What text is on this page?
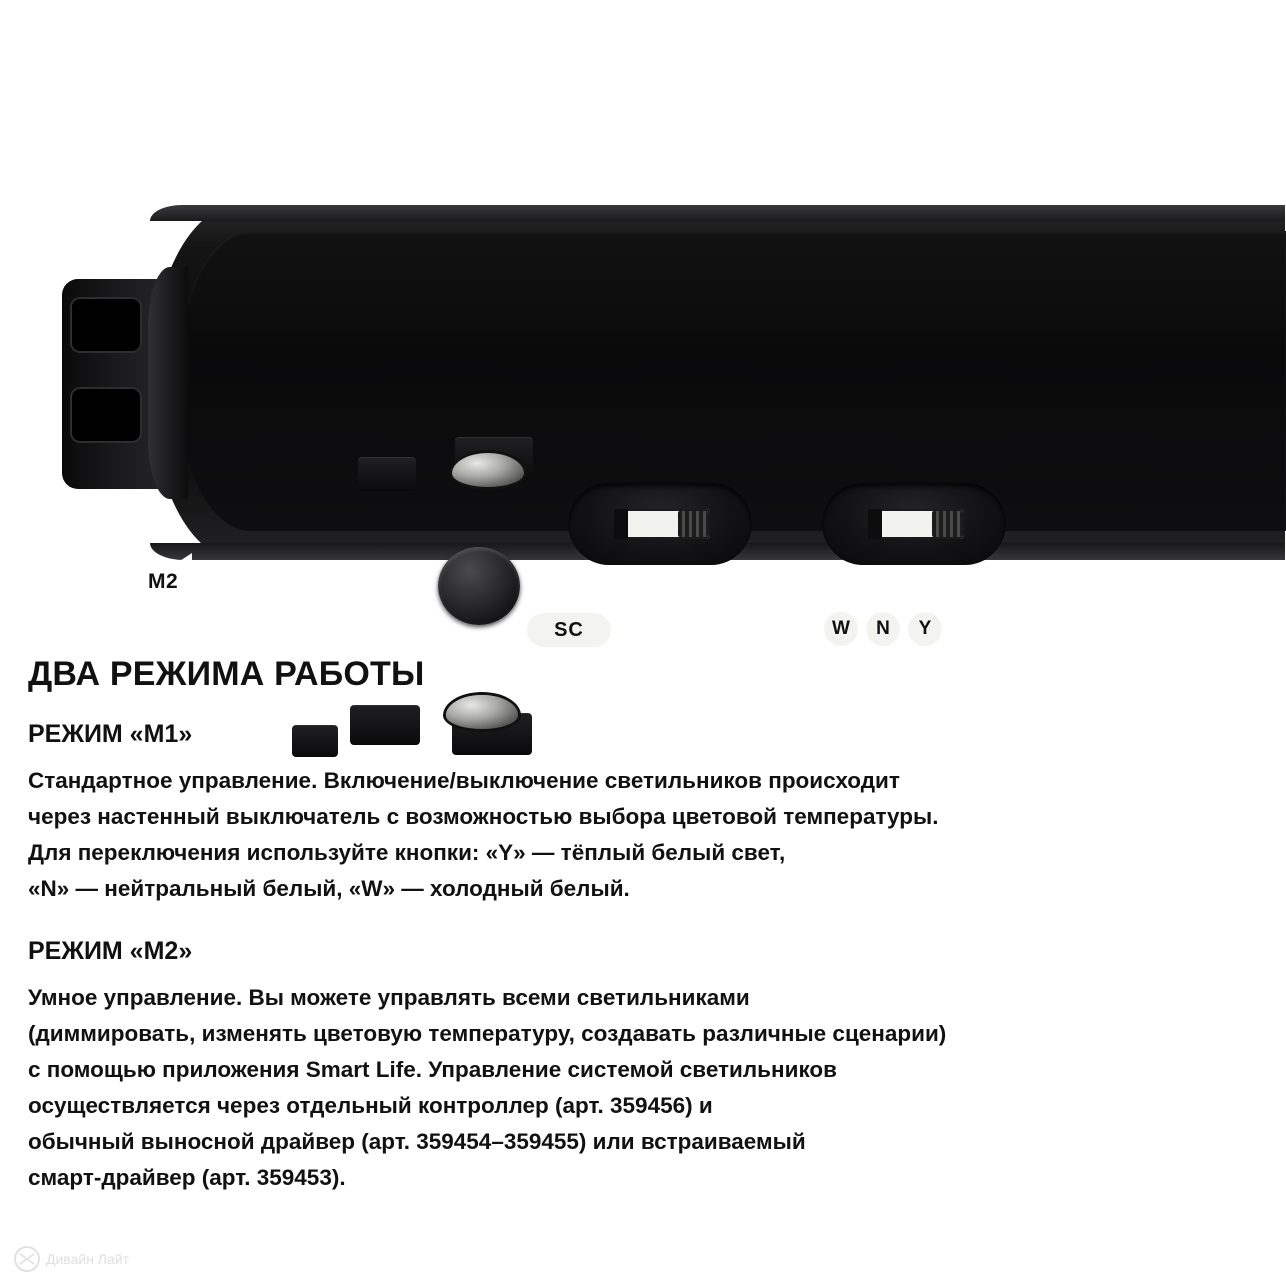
M2 Направляйте в
сторону к драйверу
SC	M2 M1	W	N	Y
Переключатель цветовой температуры: холодный белый/ белый/теплый белый
Умное управление, диммирование и регулировка цветовой температуры
ДВА РЕЖИМА РАБОТЫ
РЕЖИМ «M1»

Стандартное управление. Включение/выключение светильников происходит

через настенный выключатель с возможностью выбора цветовой температуры.

Для переключения используйте кнопки: «Y» — тёплый белый свет,

«N» — нейтральный белый, «W» — холодный белый.

РЕЖИМ «M2»

Умное управление. Вы можете управлять всеми светильниками

(диммировать, изменять цветовую температуру, создавать различные сценарии)

с помощью приложения Smart Life. Управление системой светильников

осуществляется через отдельный контроллер (арт. 359456) и

обычный выносной драйвер (арт. 359454–359455) или встраиваемый

смарт-драйвер (арт. 359453).

Дивайн Лайт
